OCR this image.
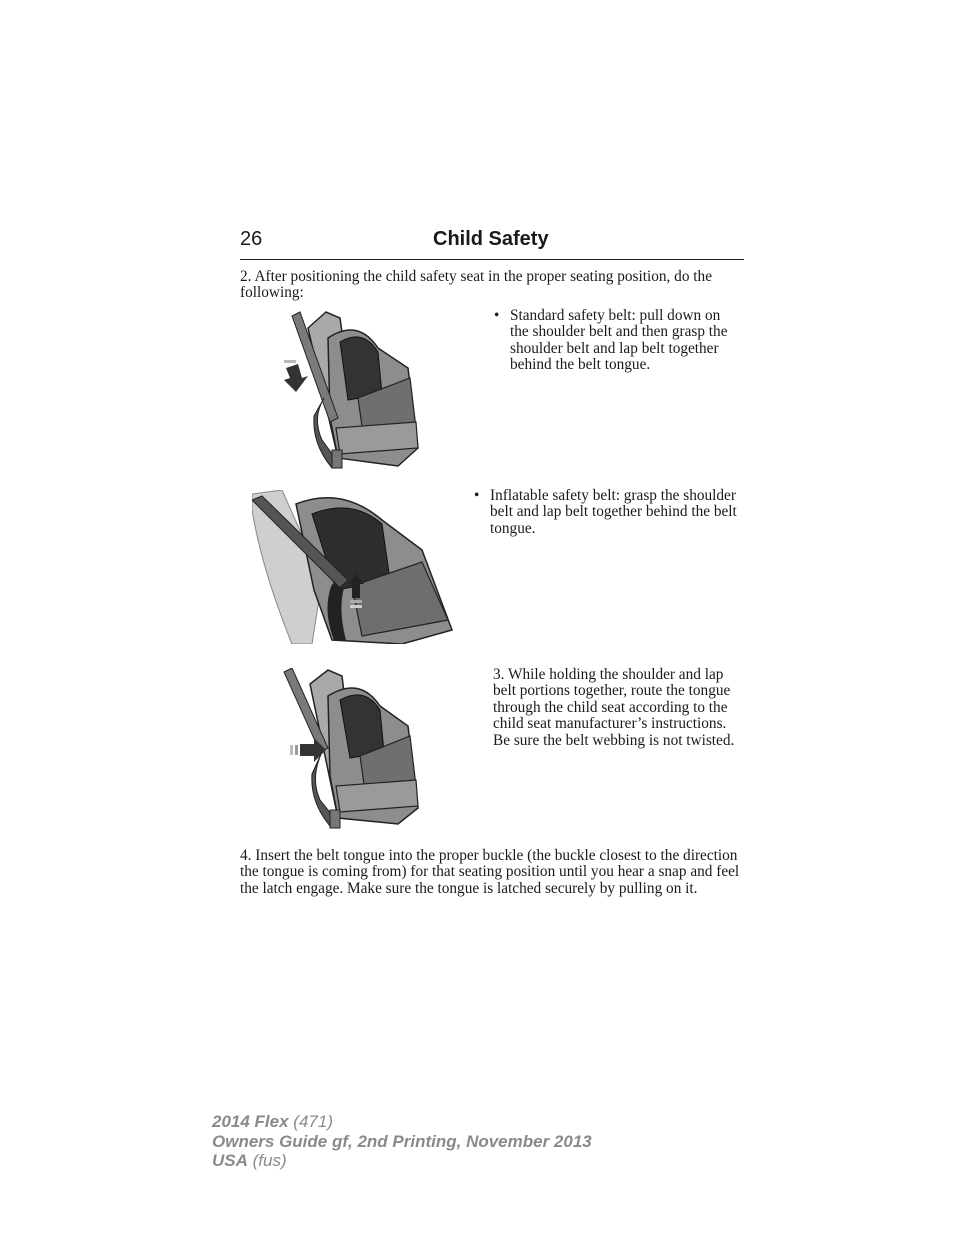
26	Child Safety

2. After positioning the child safety seat in the proper seating position, do the following:

• Standard safety belt: pull down on the shoulder belt and then grasp the shoulder belt and lap belt together behind the belt tongue.

• Inflatable safety belt: grasp the shoulder belt and lap belt together behind the belt tongue.

3. While holding the shoulder and lap belt portions together, route the tongue through the child seat according to the child seat manufacturer’s instructions. Be sure the belt webbing is not twisted.

4. Insert the belt tongue into the proper buckle (the buckle closest to the direction the tongue is coming from) for that seating position until you hear a snap and feel the latch engage. Make sure the tongue is latched securely by pulling on it.

2014 Flex (471)
Owners Guide gf, 2nd Printing, November 2013
USA (fus)
